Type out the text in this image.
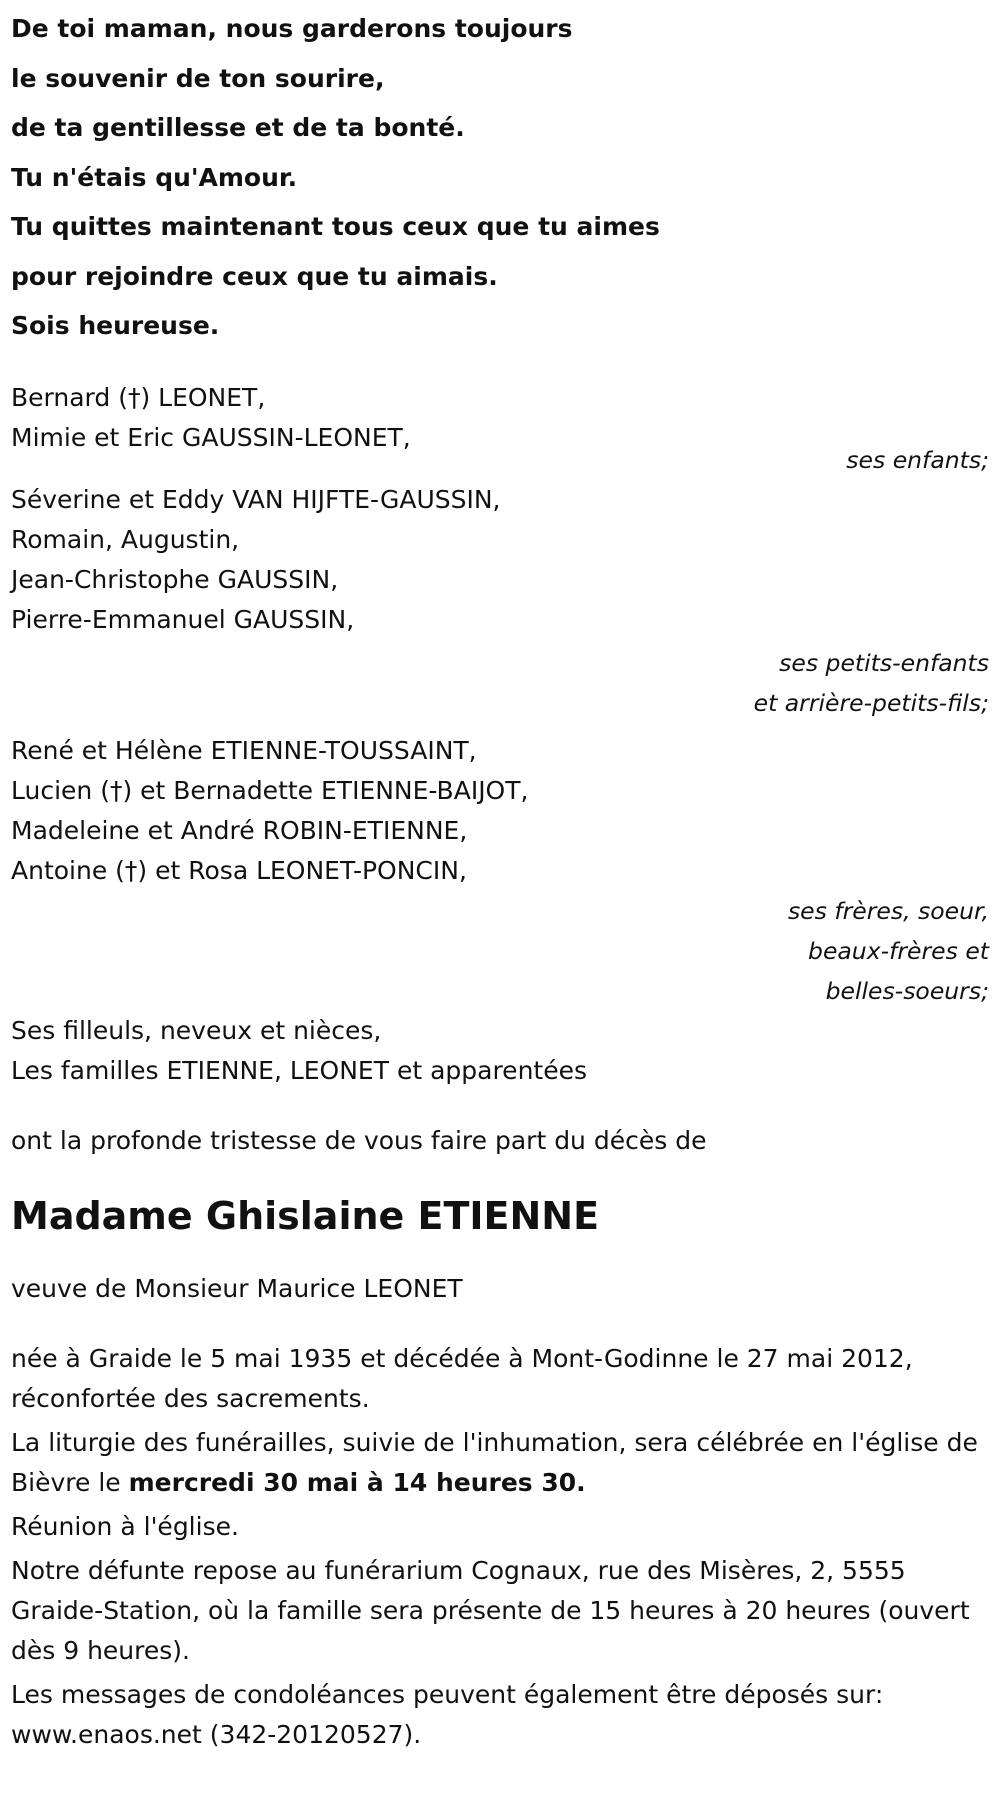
De toi maman, nous garderons toujours
le souvenir de ton sourire,
de ta gentillesse et de ta bonté.
Tu n'étais qu'Amour.
Tu quittes maintenant tous ceux que tu aimes
pour rejoindre ceux que tu aimais.
Sois heureuse.
Bernard (†) LEONET,
Mimie et Eric GAUSSIN-LEONET,
ses enfants;
Séverine et Eddy VAN HIJFTE-GAUSSIN,
Romain, Augustin,
Jean-Christophe GAUSSIN,
Pierre-Emmanuel GAUSSIN,
ses petits-enfants
et arrière-petits-fils;
René et Hélène ETIENNE-TOUSSAINT,
Lucien (†) et Bernadette ETIENNE-BAIJOT,
Madeleine et André ROBIN-ETIENNE,
Antoine (†) et Rosa LEONET-PONCIN,
ses frères, soeur,
beaux-frères et
belles-soeurs;
Ses filleuls, neveux et nièces,
Les familles ETIENNE, LEONET et apparentées
ont la profonde tristesse de vous faire part du décès de
Madame Ghislaine ETIENNE
veuve de Monsieur Maurice LEONET
née à Graide le 5 mai 1935 et décédée à Mont-Godinne le 27 mai 2012, réconfortée des sacrements.
La liturgie des funérailles, suivie de l'inhumation, sera célébrée en l'église de Bièvre le mercredi 30 mai à 14 heures 30.
Réunion à l'église.
Notre défunte repose au funérarium Cognaux, rue des Misères, 2, 5555 Graide-Station, où la famille sera présente de 15 heures à 20 heures (ouvert dès 9 heures).
Les messages de condoléances peuvent également être déposés sur: www.enaos.net (342-20120527).
